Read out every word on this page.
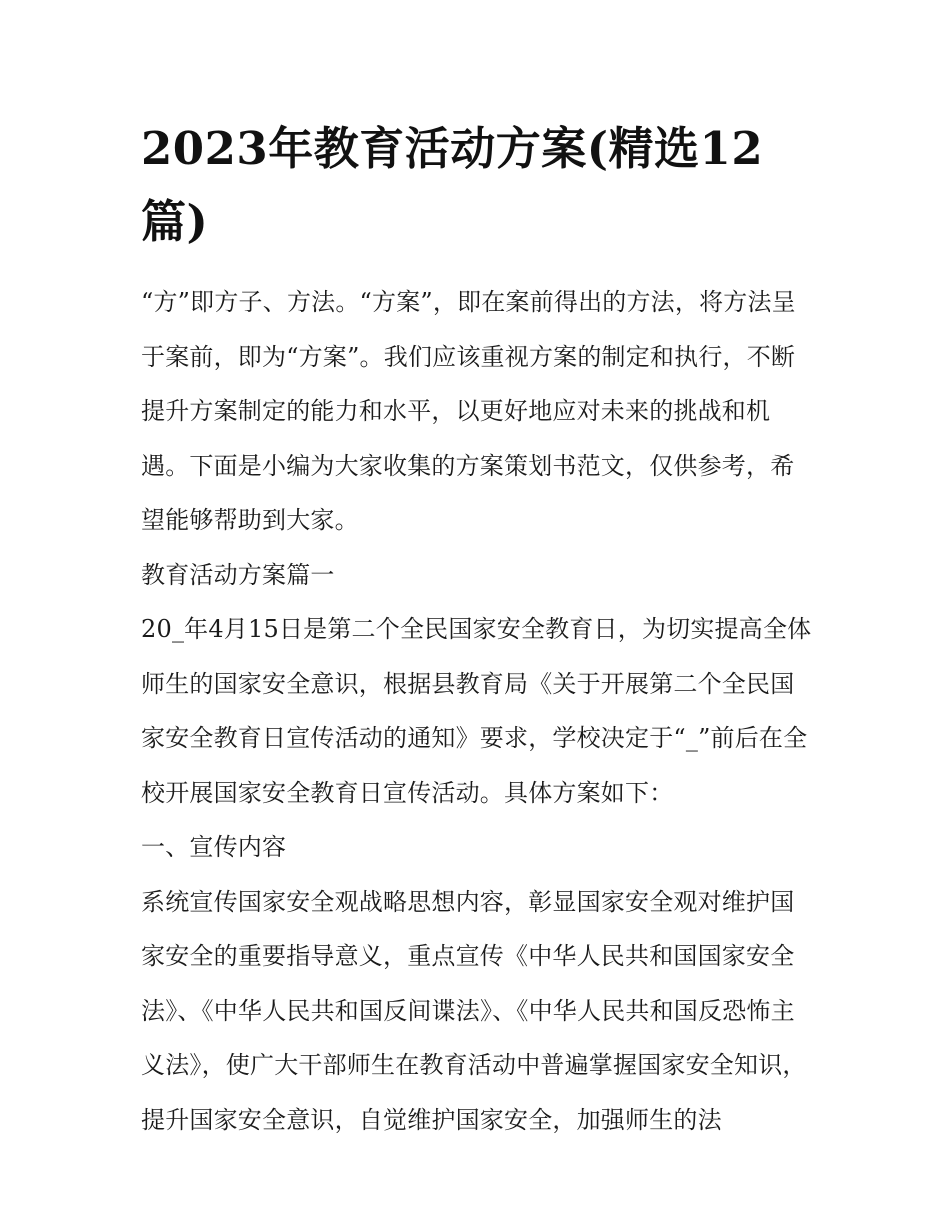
2023年教育活动方案(精选12篇)

“方”即方子、方法。“方案”，即在案前得出的方法，将方法呈于案前，即为“方案”。我们应该重视方案的制定和执行，不断提升方案制定的能力和水平，以更好地应对未来的挑战和机遇。下面是小编为大家收集的方案策划书范文，仅供参考，希望能够帮助到大家。

教育活动方案篇一

20_年4月15日是第二个全民国家安全教育日，为切实提高全体师生的国家安全意识，根据县教育局《关于开展第二个全民国家安全教育日宣传活动的通知》要求，学校决定于“_”前后在全校开展国家安全教育日宣传活动。具体方案如下：

一、宣传内容

系统宣传国家安全观战略思想内容，彰显国家安全观对维护国家安全的重要指导意义，重点宣传《中华人民共和国国家安全法》、《中华人民共和国反间谍法》、《中华人民共和国反恐怖主义法》，使广大干部师生在教育活动中普遍掌握国家安全知识，提升国家安全意识，自觉维护国家安全，加强师生的法
